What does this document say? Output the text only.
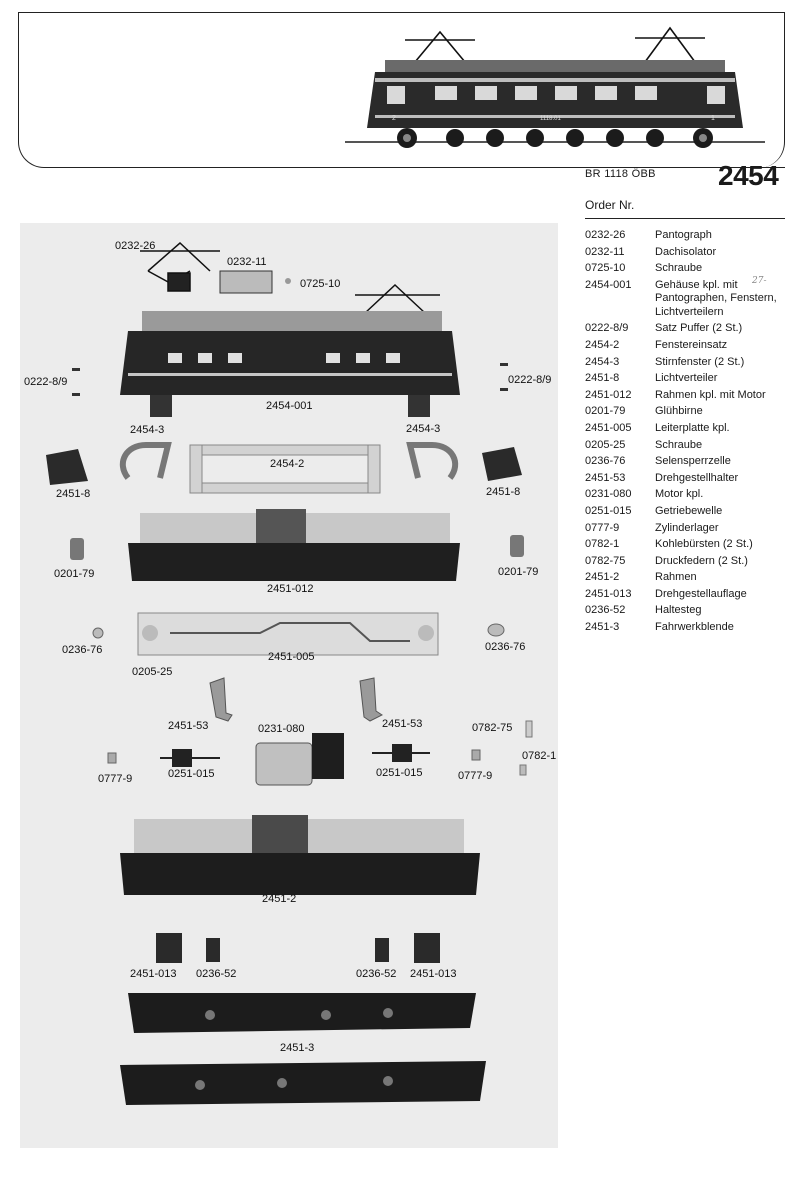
2	1
1118.01
BR 1118 ÖBB 2454
0232-26
0232-11
0725-10
0222-8/9	0222-8/9
2454-001
2454-3	2454-3
2454-2
2451-8	2451-8
0201-79	0201-79
2451-012
0236-76	0236-76
2451-005
0205-25
2451-53	2451-53
0231-080	0782-75
0782-1
0251-015	0251-015
0777-9	0777-9
2451-2
2451-013 0236-52	0236-52 2451-013
2451-3
Order Nr.
0232-26	Pantograph
0232-11	Dachisolator
0725-10	Schraube
2454-001	Gehäuse kpl. mit Pantographen, Fenstern, Lichtverteilern
0222-8/9	Satz Puffer (2 St.)
2454-2	Fenstereinsatz
2454-3	Stirnfenster (2 St.)
2451-8	Lichtverteiler
2451-012	Rahmen kpl. mit Motor
0201-79	Glühbirne
2451-005	Leiterplatte kpl.
0205-25	Schraube
0236-76	Selensperrzelle
2451-53	Drehgestellhalter
0231-080	Motor kpl.
0251-015	Getriebewelle
0777-9	Zylinderlager
0782-1	Kohlebürsten (2 St.)
0782-75	Druckfedern (2 St.)
2451-2	Rahmen
2451-013	Drehgestellauflage
0236-52	Haltesteg
2451-3	Fahrwerkblende
27-
